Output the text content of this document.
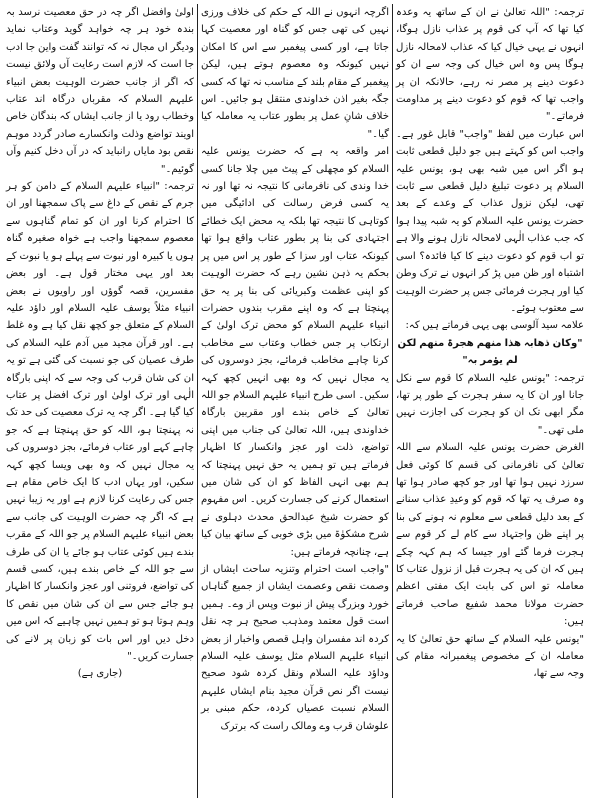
ترجمہ: "اللہ تعالیٰ نے ان کے ساتھ یہ وعدہ کیا تھا کہ آپ کی قوم پر عذاب نازل ہوگا، انہوں نے یہی خیال کیا کہ عذاب لامحالہ نازل ہوگا پس وہ اس خیال کی وجہ سے ان کو دعوت دینے پر مصر نہ رہے، حالانکہ ان پر واجب تھا کہ قوم کو دعوت دینے پر مداومت فرماتے۔"

اس عبارت میں لفظ "واجب" قابل غور ہے۔ واجب اس کو کہتے ہیں جو دلیل قطعی ثابت ہو اگر اس میں شبہ بھی ہو، یونس علیہ السلام پر دعوت تبلیغ دلیل قطعی سے ثابت تھی، لیکن نزول عذاب کے وعدے کے بعد حضرت یونس علیہ السلام کو یہ شبہ پیدا ہوا کہ جب عذاب الٰہی لامحالہ نازل ہونے والا ہے تو اب قوم کو دعوت دینے کا کیا فائدہ؟ اسی اشتباہ اور ظن میں پڑ کر انہوں نے ترک وطن کیا اور ہجرت فرمائی جس پر حضرت الوہیت سے معتوب ہوئے۔

علامہ سید آلوسی بھی یہی فرماتے ہیں کہ:

"وکان ذھابہ ھذا منھم ھجرۃ منھم لکن لم یؤمر بہ"

ترجمہ: "یونس علیہ السلام کا قوم سے نکل جانا اور ان کا یہ سفر ہجرت کے طور پر تھا، مگر ابھی تک ان کو ہجرت کی اجازت نہیں ملی تھی۔"

الغرض حضرت یونس علیہ السلام سے اللہ تعالیٰ کی نافرمانی کی قسم کا کوئی فعل سرزد نہیں ہوا تھا اور جو کچھ صادر ہوا تھا وہ صرف یہ تھا کہ قوم کو وعیدِ عذاب سنانے کے بعد دلیل قطعی سے معلوم نہ ہونے کی بنا پر اپنے ظن واجتہاد سے کام لے کر قوم سے ہجرت فرما گئے اور جیسا کہ ہم کہہ چکے ہیں کہ ان کی یہ ہجرت قبل از نزول عتاب کا معاملہ تو اس کی بابت ایک مفتی اعظم حضرت مولانا محمد شفیع صاحب فرماتے ہیں:

"یونس علیہ السلام کے ساتھ حق تعالیٰ کا یہ معاملہ ان کے مخصوص پیغمبرانہ مقام کی وجہ سے تھا،

اگرچہ انہوں نے اللہ کے حکم کی خلاف ورزی نہیں کی تھی جس کو گناہ اور معصیت کہا جاتا ہے، اور کسی پیغمبر سے اس کا امکان نہیں کیونکہ وہ معصوم ہوتے ہیں، لیکن پیغمبر کے مقام بلند کے مناسب نہ تھا کہ کسی جگہ بغیر اذن خداوندی منتقل ہو جائیں۔ اس خلاف شانِ عمل پر بطور عتاب یہ معاملہ کیا گیا۔"

امر واقعہ یہ ہے کہ حضرت یونس علیہ السلام کو مچھلی کے پیٹ میں چلا جانا کسی خدا وندی کی نافرمانی کا نتیجہ نہ تھا اور نہ یہ کسی فرض رسالت کی ادائیگی میں کوتاہی کا نتیجہ تھا بلکہ یہ محض ایک خطائے اجتہادی کی بنا پر بطور عتاب واقع ہوا تھا کیونکہ عتاب اور سزا کے طور پر اس میں پر بحکم یہ ذہن نشین رہے کہ حضرت الوہیت کو اپنی عظمت وکبریائی کی بنا پر یہ حق پہنچتا ہے کہ وہ اپنے مقرب بندوں حضرات انبیاء علیہم السلام کو محض ترک اولیٰ کے ارتکاب پر جس خطاب وعتاب سے مخاطب کرنا چاہے مخاطب فرمائے، بجز دوسروں کی یہ مجال نہیں کہ وہ بھی انہیں کچھ کہہ سکیں۔ اسی طرح انبیاء علیہم السلام جو اللہ تعالیٰ کے خاص بندے اور مقربین بارگاہ خداوندی ہیں، اللہ تعالیٰ کی جناب میں اپنی تواضع، ذلت اور عجز وانکسار کا اظہار فرماتے ہیں تو ہمیں یہ حق نہیں پہنچتا کہ ہم بھی انہی الفاظ کو ان کی شان میں استعمال کرنے کی جسارت کریں۔ اس مفہوم کو حضرت شیخ عبدالحق محدث دہلوی نے شرح مشکوٰۃ میں بڑی خوبی کے ساتھ بیان کیا ہے، چنانچہ فرماتے ہیں:

"واجب است احترام وتنزیہ ساحت ایشاں از وصمت نقص وعصمت ایشاں از جمیع گناہاں خورد وبزرگ پیش از نبوت وپس از وے۔ ہمیں است قول معتمد ومذہب صحیح ہر چہ نقل کردہ اند مفسران واہل قصص واخبار از بعض انبیاء علیہم السلام مثل یوسف علیہ السلام وداؤد علیہ السلام ونقل کردہ شود صحیح نیست اگر نص قرآن مجید بنام ایشاں علیہم السلام نسبت عصیاں کردہ، حکم مبنی بر علوشان قرب وے ومالک راست کہ برترک

اولیٰ وافضل اگر چہ در حق معصیت نرسد بہ بندہ خود ہر چہ خواہد گوید وعتاب نماید ودیگر اں مجال نہ کہ توانند گفت واین جا ادب جا است کہ لازم است رعایت آں ولائق نیست کہ اگر از جانب حضرت الوہیت بعض انبیاء علیہم السلام کہ مقرباں درگاہ اند عتاب وخطاب رود یا از جانب ایشاں کہ بندگان خاص اویند تواضع وذلت وانکسارے صادر گردد موہم نقص بود مایاں رانباید کہ در آں دخل کنیم وآں گوئیم۔"

ترجمہ: "انبیاء علیہم السلام کے دامن کو ہر جرم کے نقص کے داغ سے پاک سمجھنا اور ان کا احترام کرنا اور ان کو تمام گناہوں سے معصوم سمجھنا واجب ہے خواہ صغیرہ گناہ ہوں یا کبیرہ اور نبوت سے پہلے ہو یا نبوت کے بعد اور یہی مختار قول ہے۔ اور بعض مفسرین، قصہ گوؤں اور راویوں نے بعض انبیاء مثلاً یوسف علیہ السلام اور داؤد علیہ السلام کے متعلق جو کچھ نقل کیا ہے وہ غلط ہے۔ اور قرآن مجید میں آدم علیہ السلام کی طرف عصیان کی جو نسبت کی گئی ہے تو یہ ان کی شان قرب کی وجہ سے کہ اپنی بارگاہ الٰہی اور ترک اولیٰ اور ترک افضل پر عتاب کیا گیا ہے۔ اگر چہ یہ ترک معصیت کی حد تک نہ پہنچتا ہو، اللہ کو حق پہنچتا ہے کہ جو چاہے کہے اور عتاب فرمائے، بجز دوسروں کی یہ مجال نہیں کہ وہ بھی ویسا کچھ کہہ سکیں، اور یہاں ادب کا ایک خاص مقام ہے جس کی رعایت کرنا لازم ہے اور یہ زیبا نہیں ہے کہ اگر چہ حضرت الوہیت کی جانب سے بعض انبیاء علیہم السلام پر جو اللہ کے مقرب بندے ہیں کوئی عتاب ہو جائے یا ان کی طرف سے جو اللہ کے خاص بندے ہیں، کسی قسم کی تواضع، فروتنی اور عجز وانکسار کا اظہار ہو جائے جس سے ان کی شان میں نقص کا وہم ہوتا ہو تو ہمیں نہیں چاہیے کہ اس میں دخل دیں اور اس بات کو زبان پر لانے کی جسارت کریں۔"

(جاری ہے)
